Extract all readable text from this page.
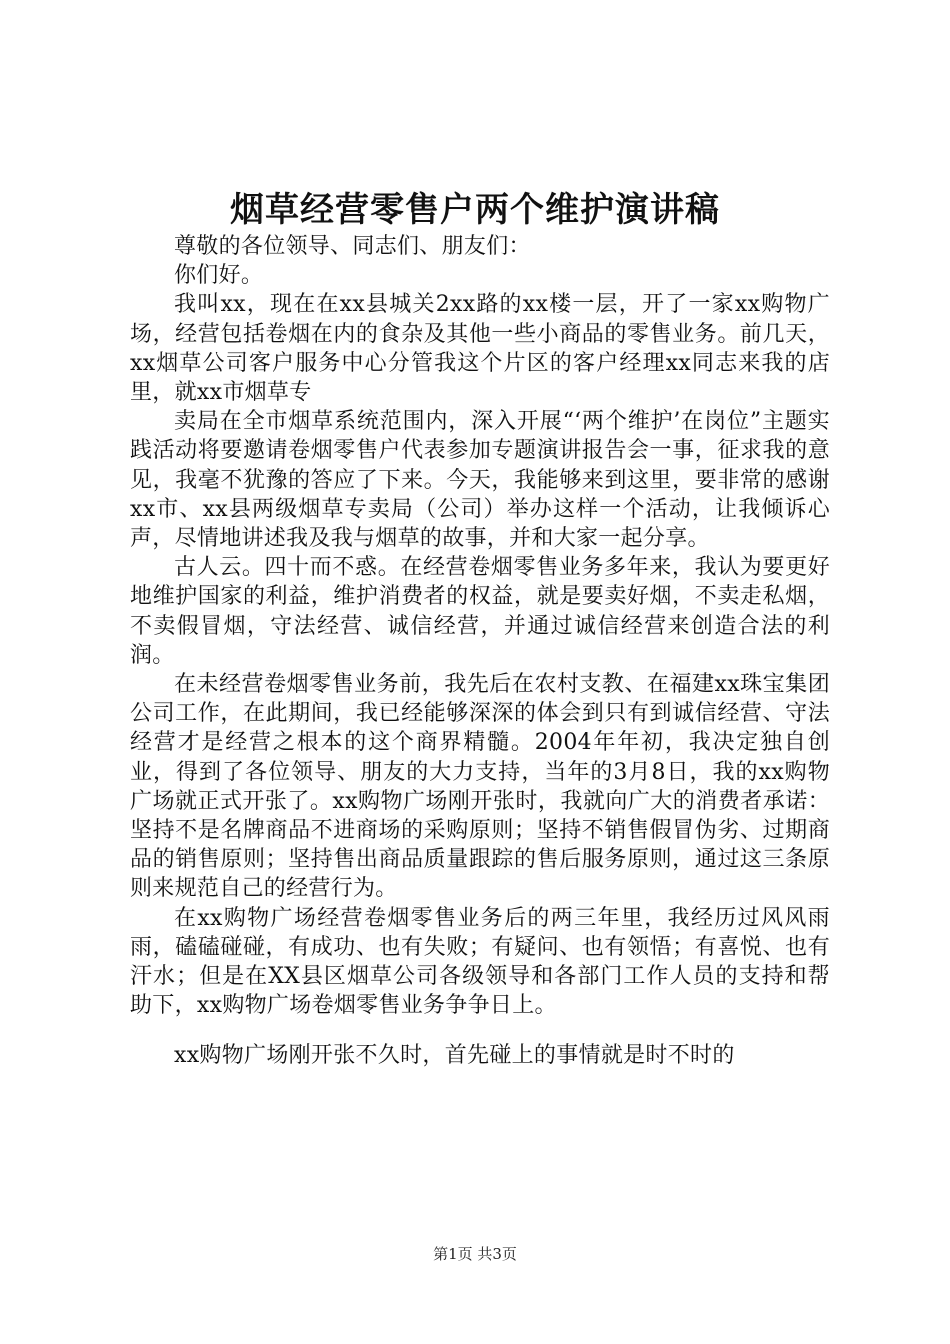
烟草经营零售户两个维护演讲稿

尊敬的各位领导、同志们、朋友们：

你们好。

我叫xx，现在在xx县城关2xx路的xx楼一层，开了一家xx购物广场，经营包括卷烟在内的食杂及其他一些小商品的零售业务。前几天，xx烟草公司客户服务中心分管我这个片区的客户经理xx同志来我的店里，就xx市烟草专

卖局在全市烟草系统范围内，深入开展“‘两个维护’在岗位”主题实践活动将要邀请卷烟零售户代表参加专题演讲报告会一事，征求我的意见，我毫不犹豫的答应了下来。今天，我能够来到这里，要非常的感谢xx市、xx县两级烟草专卖局（公司）举办这样一个活动，让我倾诉心声，尽情地讲述我及我与烟草的故事，并和大家一起分享。

古人云。四十而不惑。在经营卷烟零售业务多年来，我认为要更好地维护国家的利益，维护消费者的权益，就是要卖好烟，不卖走私烟，不卖假冒烟，守法经营、诚信经营，并通过诚信经营来创造合法的利润。

在未经营卷烟零售业务前，我先后在农村支教、在福建xx珠宝集团公司工作，在此期间，我已经能够深深的体会到只有到诚信经营、守法经营才是经营之根本的这个商界精髓。2004年年初，我决定独自创业，得到了各位领导、朋友的大力支持，当年的3月8日，我的xx购物广场就正式开张了。xx购物广场刚开张时，我就向广大的消费者承诺：坚持不是名牌商品不进商场的采购原则；坚持不销售假冒伪劣、过期商品的销售原则；坚持售出商品质量跟踪的售后服务原则，通过这三条原则来规范自己的经营行为。

在xx购物广场经营卷烟零售业务后的两三年里，我经历过风风雨雨，磕磕碰碰，有成功、也有失败；有疑问、也有领悟；有喜悦、也有汗水；但是在XX县区烟草公司各级领导和各部门工作人员的支持和帮助下，xx购物广场卷烟零售业务争争日上。

xx购物广场刚开张不久时，首先碰上的事情就是时不时的

第1页 共3页
